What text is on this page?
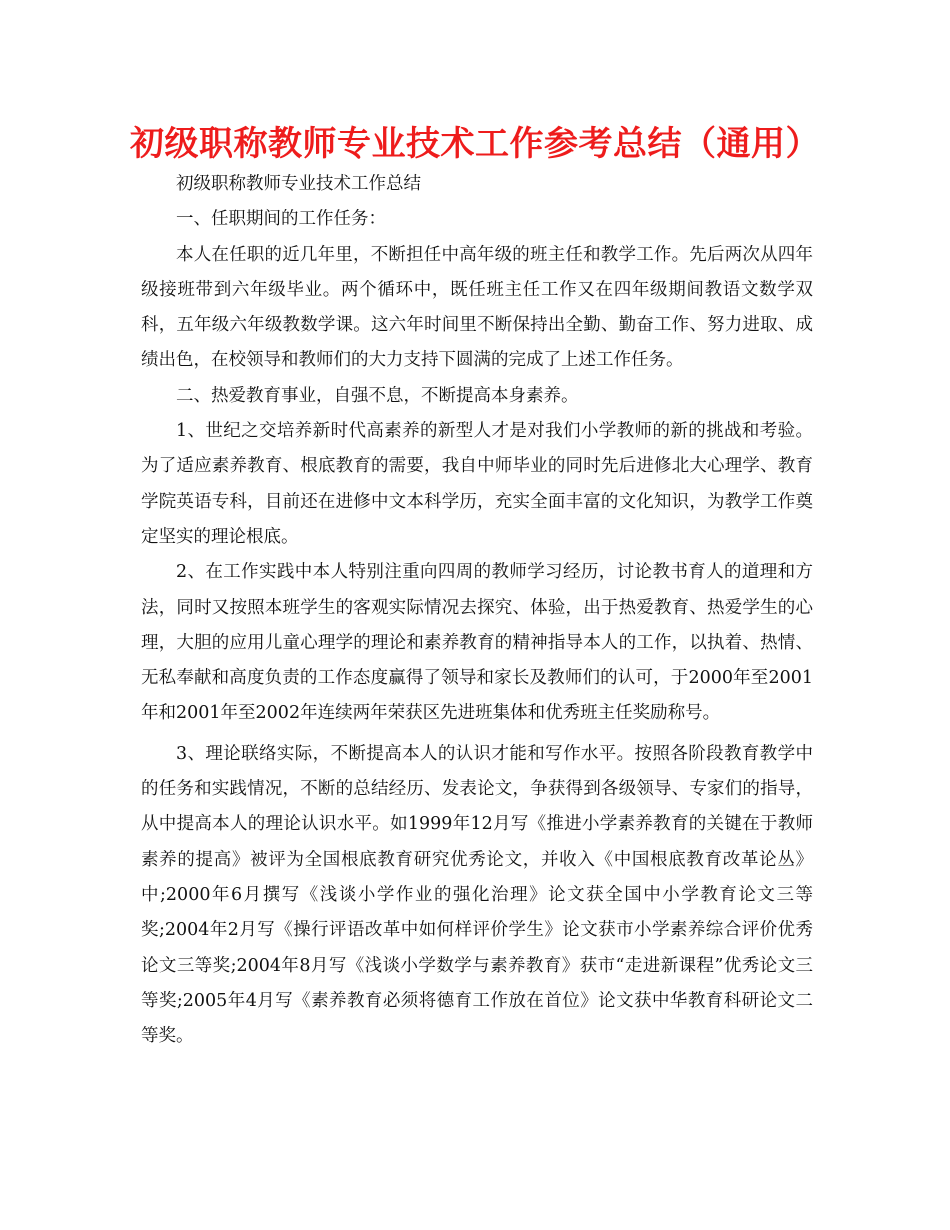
初级职称教师专业技术工作参考总结（通用）

初级职称教师专业技术工作总结

一、任职期间的工作任务：

本人在任职的近几年里，不断担任中高年级的班主任和教学工作。先后两次从四年级接班带到六年级毕业。两个循环中，既任班主任工作又在四年级期间教语文数学双科，五年级六年级教数学课。这六年时间里不断保持出全勤、勤奋工作、努力进取、成绩出色，在校领导和教师们的大力支持下圆满的完成了上述工作任务。

二、热爱教育事业，自强不息，不断提高本身素养。

1、世纪之交培养新时代高素养的新型人才是对我们小学教师的新的挑战和考验。为了适应素养教育、根底教育的需要，我自中师毕业的同时先后进修北大心理学、教育学院英语专科，目前还在进修中文本科学历，充实全面丰富的文化知识，为教学工作奠定坚实的理论根底。

2、在工作实践中本人特别注重向四周的教师学习经历，讨论教书育人的道理和方法，同时又按照本班学生的客观实际情况去探究、体验，出于热爱教育、热爱学生的心理，大胆的应用儿童心理学的理论和素养教育的精神指导本人的工作，以执着、热情、无私奉献和高度负责的工作态度赢得了领导和家长及教师们的认可，于2000年至2001年和2001年至2002年连续两年荣获区先进班集体和优秀班主任奖励称号。

3、理论联络实际，不断提高本人的认识才能和写作水平。按照各阶段教育教学中的任务和实践情况，不断的总结经历、发表论文，争获得到各级领导、专家们的指导，从中提高本人的理论认识水平。如1999年12月写《推进小学素养教育的关键在于教师素养的提高》被评为全国根底教育研究优秀论文，并收入《中国根底教育改革论丛》中;2000年6月撰写《浅谈小学作业的强化治理》论文获全国中小学教育论文三等奖;2004年2月写《操行评语改革中如何样评价学生》论文获市小学素养综合评价优秀论文三等奖;2004年8月写《浅谈小学数学与素养教育》获市“走进新课程”优秀论文三等奖;2005年4月写《素养教育必须将德育工作放在首位》论文获中华教育科研论文二等奖。
